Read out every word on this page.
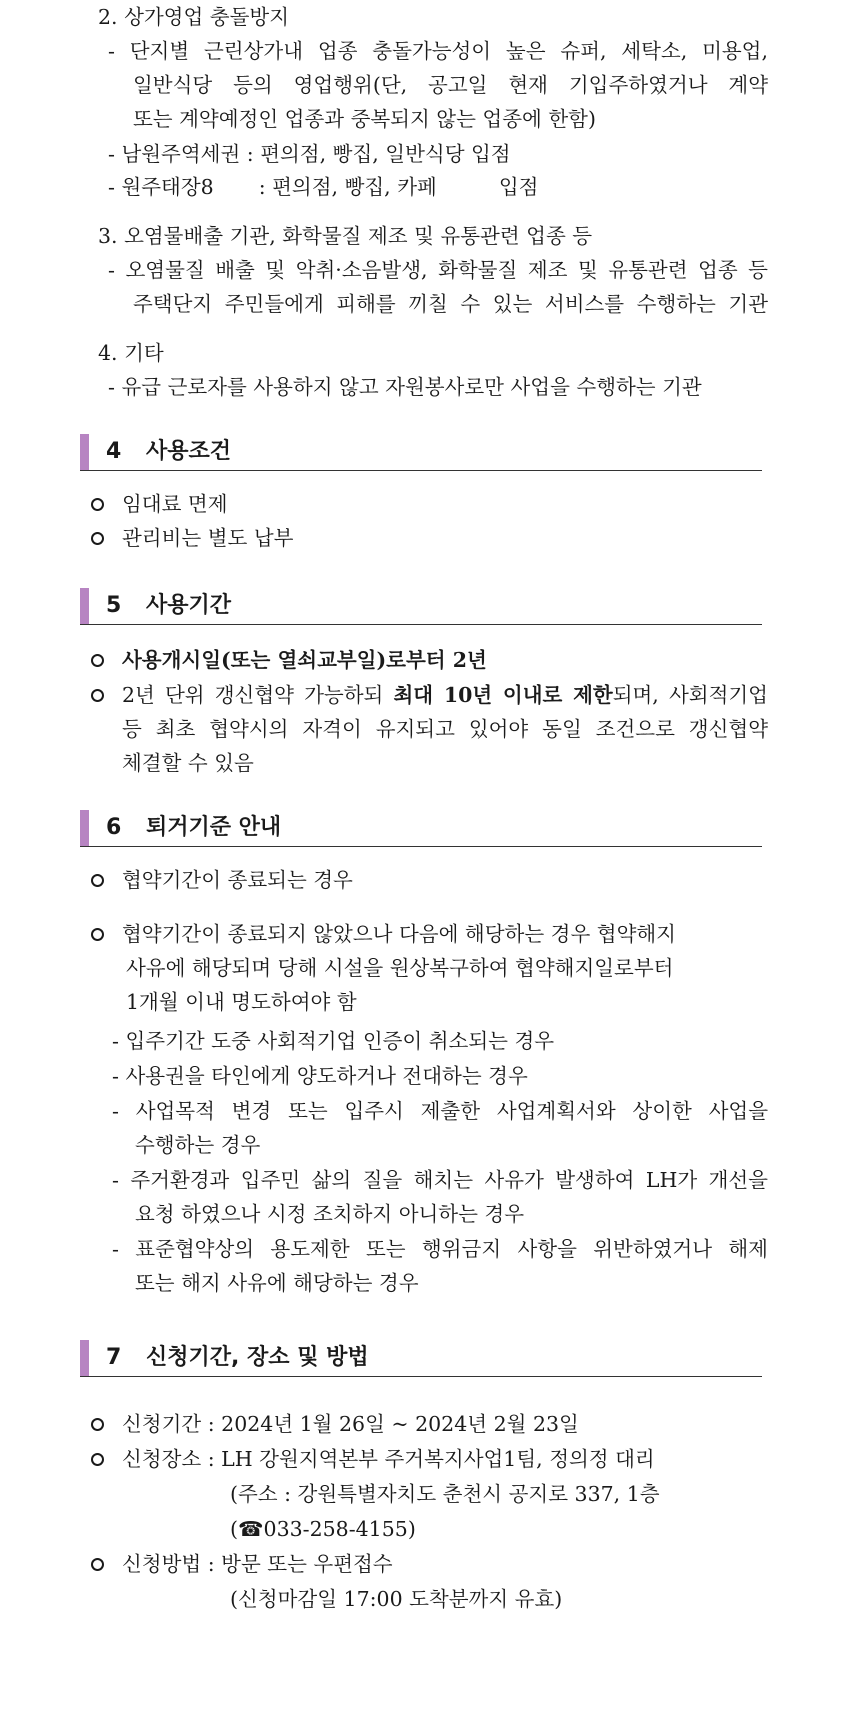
2. 상가영업 충돌방지
- 단지별 근린상가내 업종 충돌가능성이 높은 슈퍼, 세탁소, 미용업,
일반식당 등의 영업행위(단, 공고일 현재 기입주하였거나 계약
또는 계약예정인 업종과 중복되지 않는 업종에 한함)
- 남원주역세권 : 편의점, 빵집, 일반식당 입점
- 원주태장8 : 편의점, 빵집, 카페	입점
3. 오염물배출 기관, 화학물질 제조 및 유통관련 업종 등
- 오염물질 배출 및 악취·소음발생, 화학물질 제조 및 유통관련 업종 등
주택단지 주민들에게 피해를 끼칠 수 있는 서비스를 수행하는 기관
4. 기타
- 유급 근로자를 사용하지 않고 자원봉사로만 사업을 수행하는 기관
4 사용조건
임대료 면제
관리비는 별도 납부
5 사용기간
사용개시일(또는 열쇠교부일)로부터 2년
2년 단위 갱신협약 가능하되 최대 10년 이내로 제한되며, 사회적기업
등 최초 협약시의 자격이 유지되고 있어야 동일 조건으로 갱신협약
체결할 수 있음
6 퇴거기준 안내
협약기간이 종료되는 경우
협약기간이 종료되지 않았으나 다음에 해당하는 경우 협약해지
사유에 해당되며 당해 시설을 원상복구하여 협약해지일로부터
1개월 이내 명도하여야 함
- 입주기간 도중 사회적기업 인증이 취소되는 경우
- 사용권을 타인에게 양도하거나 전대하는 경우
- 사업목적 변경 또는 입주시 제출한 사업계획서와 상이한 사업을
수행하는 경우
- 주거환경과 입주민 삶의 질을 해치는 사유가 발생하여 LH가 개선을
요청 하였으나 시정 조치하지 아니하는 경우
- 표준협약상의 용도제한 또는 행위금지 사항을 위반하였거나 해제
또는 해지 사유에 해당하는 경우
7 신청기간, 장소 및 방법
신청기간 : 2024년 1월 26일 ~ 2024년 2월 23일
신청장소 : LH 강원지역본부 주거복지사업1팀, 정의정 대리
(주소 : 강원특별자치도 춘천시 공지로 337, 1층
(☎033-258-4155)
신청방법 : 방문 또는 우편접수
(신청마감일 17:00 도착분까지 유효)
